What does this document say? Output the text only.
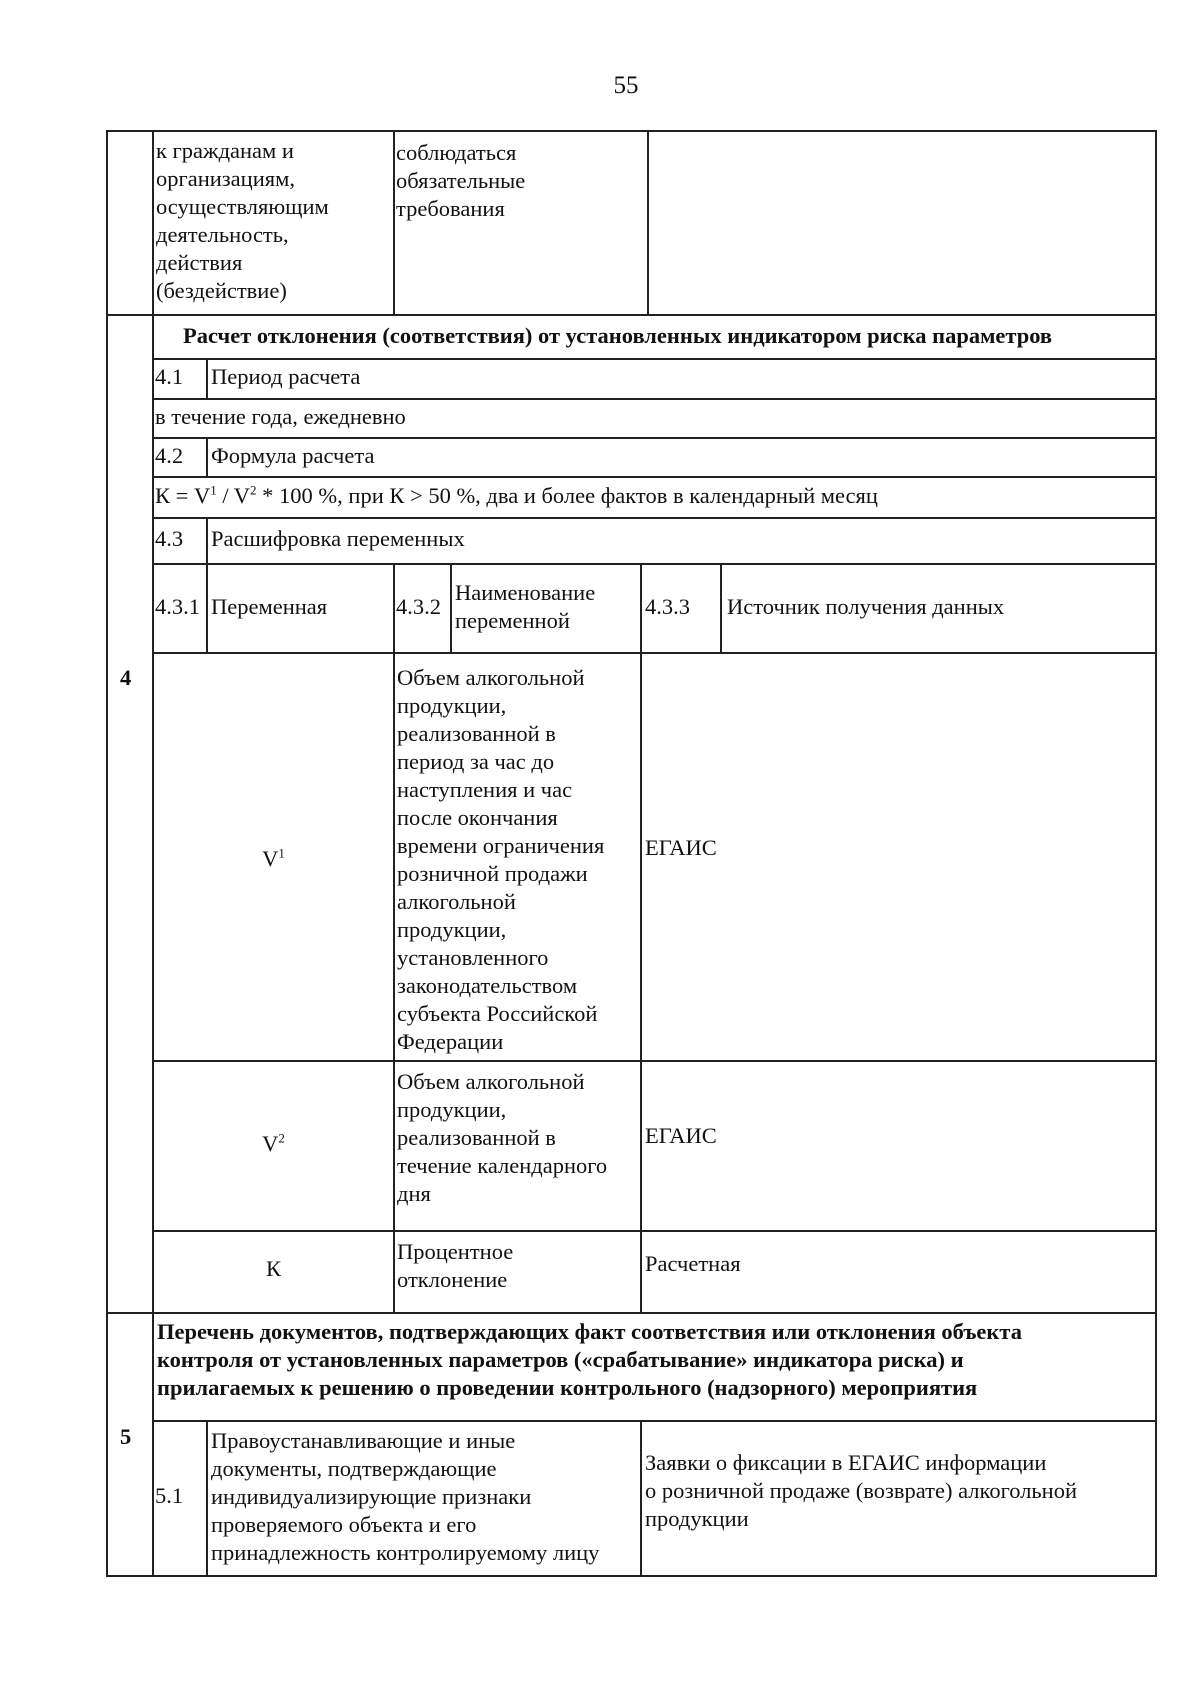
55
к гражданам и
организациям,
осуществляющим
деятельность,
действия
(бездействие)
соблюдаться
обязательные
требования
4
Расчет отклонения (соответствия) от установленных индикатором риска параметров
4.1 Период расчета
в течение года, ежедневно
4.2 Формула расчета
$К = V^1 / V^2 * 100$ %, при К > 50 %, два и более фактов в календарный месяц
4.3 Расшифровка переменных
4.3.1 Переменная	4.3.2
Наименование
переменной
4.3.3 Источник получения данных
$V^1$
Объем алкогольной
продукции,
реализованной в
период за час до
наступления и час
после окончания
времени ограничения
розничной продажи
алкогольной
продукции,
установленного
законодательством
субъекта Российской
Федерации
ЕГАИС
$V^2$
Объем алкогольной
продукции,
реализованной в
течение календарного
дня
ЕГАИС
К
Процентное
отклонение
Расчетная
5
Перечень документов, подтверждающих факт соответствия или отклонения объекта
контроля от установленных параметров («срабатывание» индикатора риска) и
прилагаемых к решению о проведении контрольного (надзорного) мероприятия
5.1
Правоустанавливающие и иные
документы, подтверждающие
индивидуализирующие признаки
проверяемого объекта и его
принадлежность контролируемому лицу
Заявки о фиксации в ЕГАИС информации
о розничной продаже (возврате) алкогольной
продукции
